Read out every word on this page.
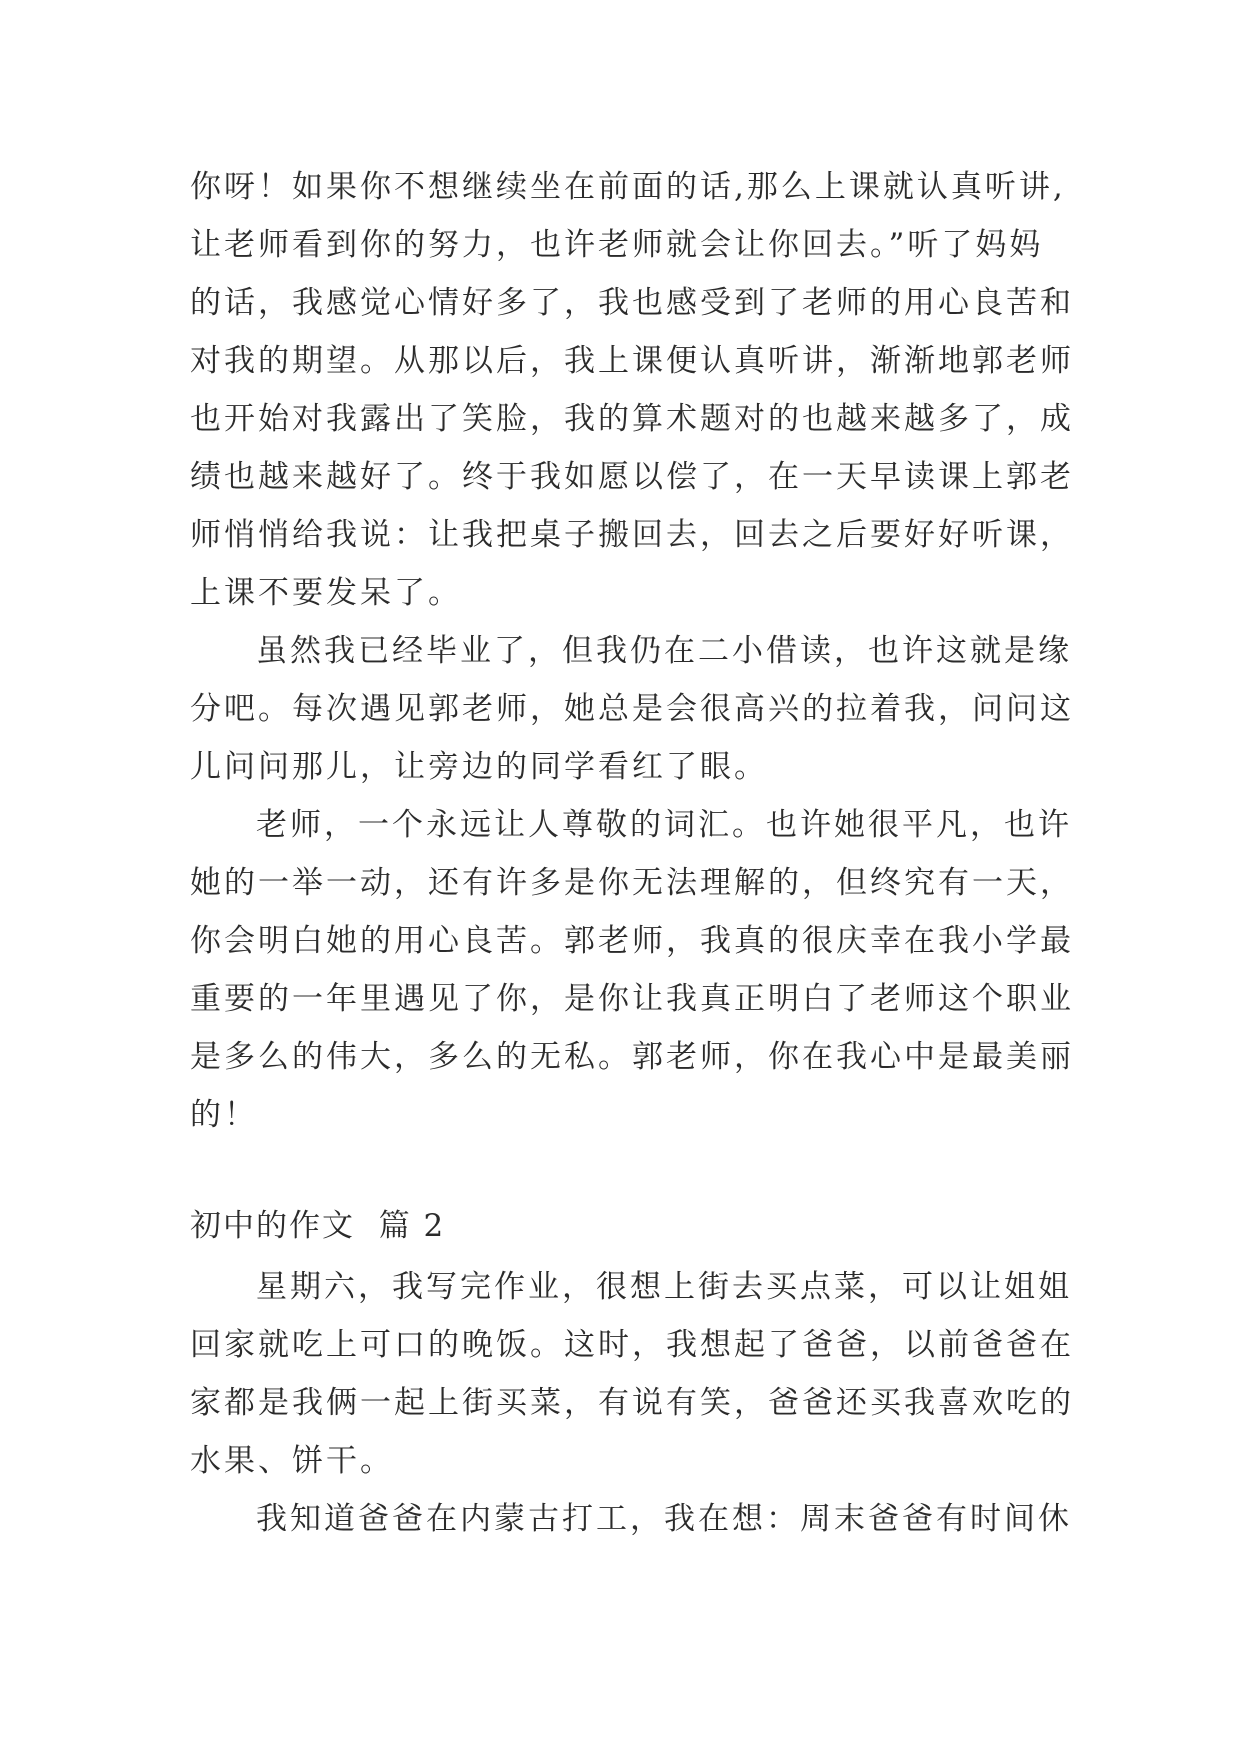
你呀！如果你不想继续坐在前面的话,那么上课就认真听讲,
让老师看到你的努力，也许老师就会让你回去。”听了妈妈
的话，我感觉心情好多了，我也感受到了老师的用心良苦和
对我的期望。从那以后，我上课便认真听讲，渐渐地郭老师
也开始对我露出了笑脸，我的算术题对的也越来越多了，成
绩也越来越好了。终于我如愿以偿了，在一天早读课上郭老
师悄悄给我说：让我把桌子搬回去，回去之后要好好听课，
上课不要发呆了。
虽然我已经毕业了，但我仍在二小借读，也许这就是缘
分吧。每次遇见郭老师，她总是会很高兴的拉着我，问问这
儿问问那儿，让旁边的同学看红了眼。
老师，一个永远让人尊敬的词汇。也许她很平凡，也许
她的一举一动，还有许多是你无法理解的，但终究有一天，
你会明白她的用心良苦。郭老师，我真的很庆幸在我小学最
重要的一年里遇见了你，是你让我真正明白了老师这个职业
是多么的伟大，多么的无私。郭老师，你在我心中是最美丽
的！
初中的作文  篇 2
星期六，我写完作业，很想上街去买点菜，可以让姐姐
回家就吃上可口的晚饭。这时，我想起了爸爸，以前爸爸在
家都是我俩一起上街买菜，有说有笑，爸爸还买我喜欢吃的
水果、饼干。
我知道爸爸在内蒙古打工，我在想：周末爸爸有时间休
